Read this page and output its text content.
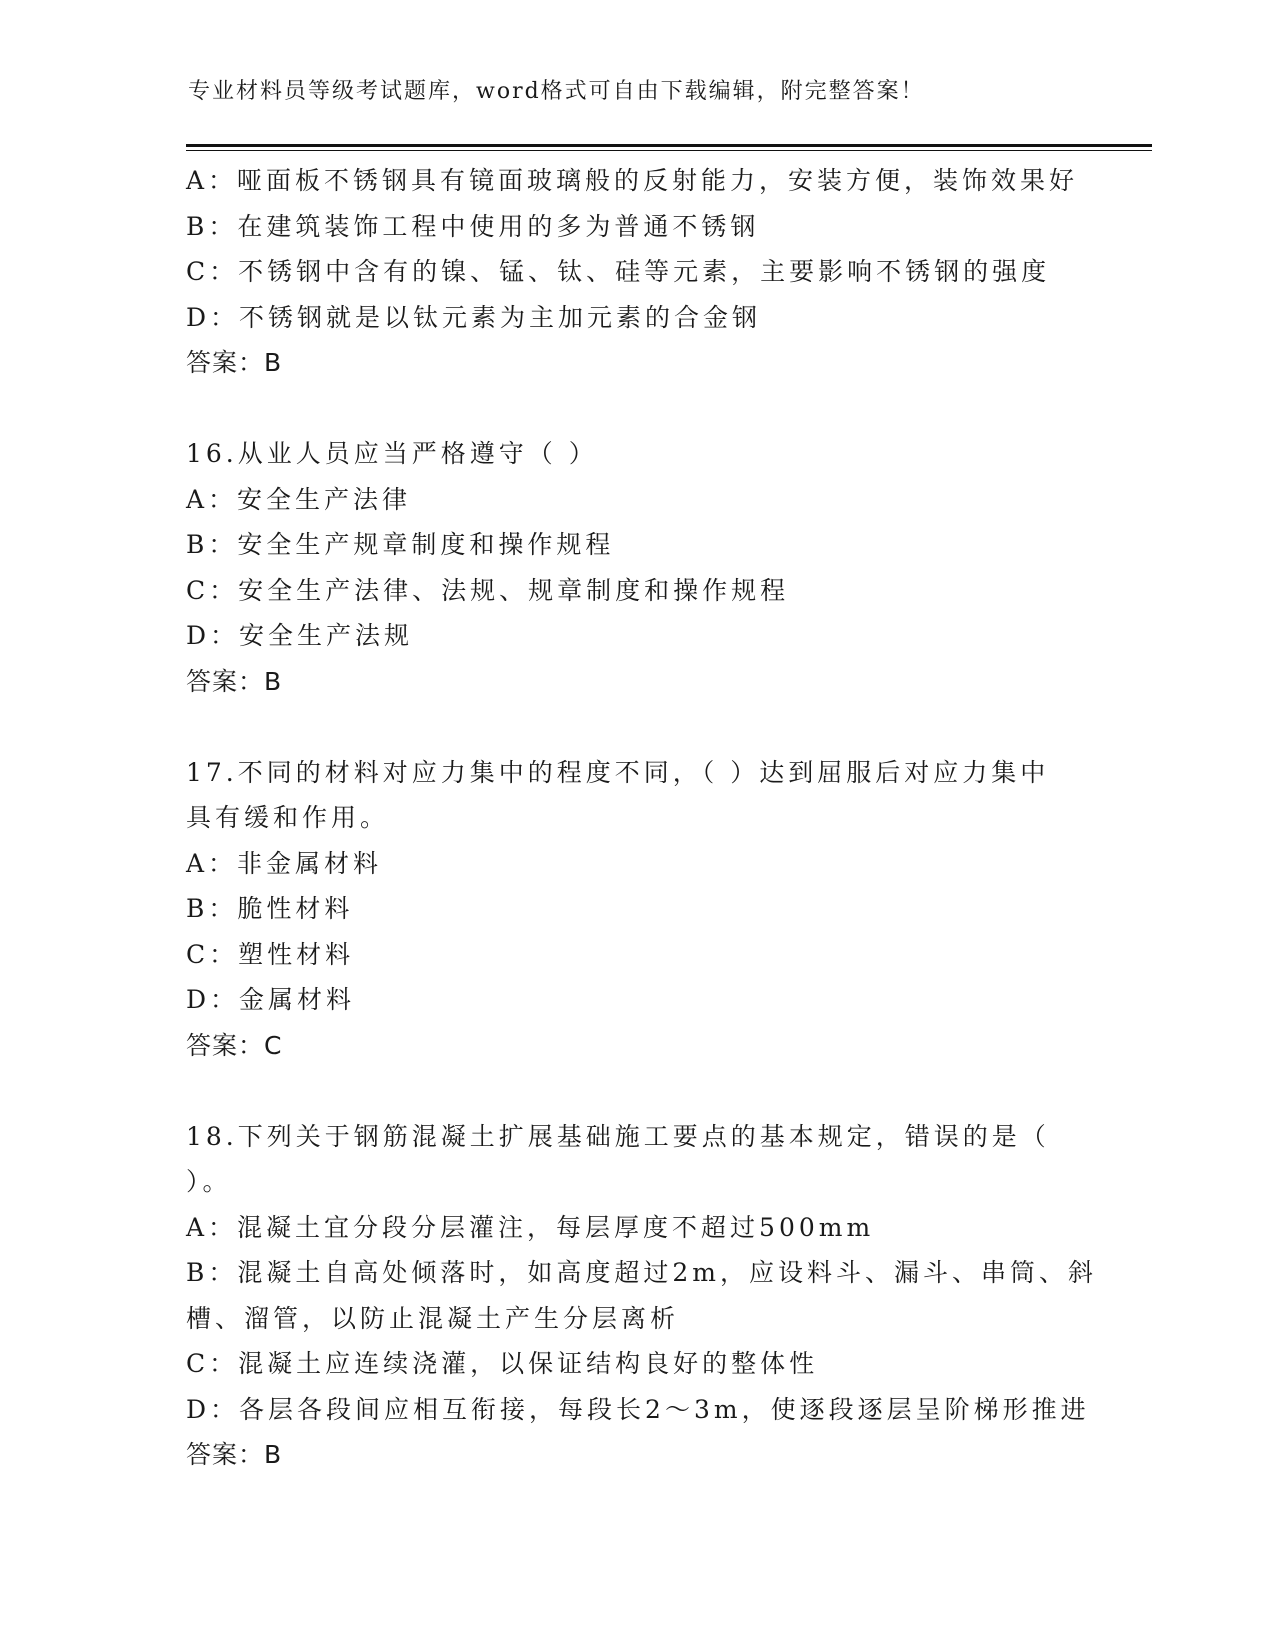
专业材料员等级考试题库，word格式可自由下载编辑，附完整答案！
A：哑面板不锈钢具有镜面玻璃般的反射能力，安装方便，装饰效果好
B：在建筑装饰工程中使用的多为普通不锈钢
C：不锈钢中含有的镍、锰、钛、硅等元素，主要影响不锈钢的强度
D：不锈钢就是以钛元素为主加元素的合金钢
答案：B
16.从业人员应当严格遵守（ ）
A：安全生产法律
B：安全生产规章制度和操作规程
C：安全生产法律、法规、规章制度和操作规程
D：安全生产法规
答案：B
17.不同的材料对应力集中的程度不同，（ ）达到屈服后对应力集中
具有缓和作用。
A：非金属材料
B：脆性材料
C：塑性材料
D：金属材料
答案：C
18.下列关于钢筋混凝土扩展基础施工要点的基本规定，错误的是（
）。
A：混凝土宜分段分层灌注，每层厚度不超过500mm
B：混凝土自高处倾落时，如高度超过2m，应设料斗、漏斗、串筒、斜
槽、溜管，以防止混凝土产生分层离析
C：混凝土应连续浇灌，以保证结构良好的整体性
D：各层各段间应相互衔接，每段长2～3m，使逐段逐层呈阶梯形推进
答案：B
